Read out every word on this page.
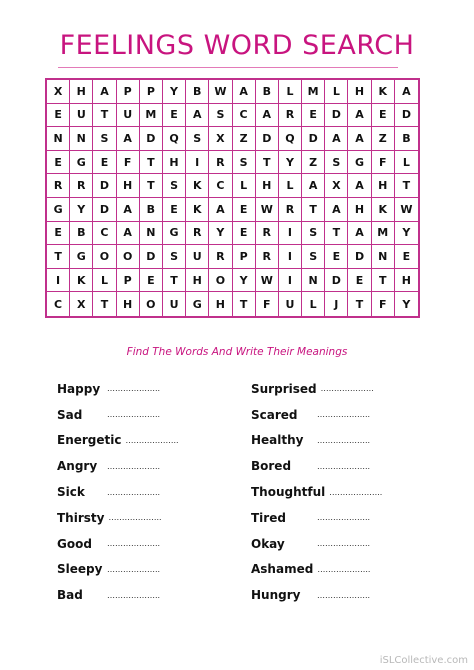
FEELINGS WORD SEARCH
X	H	A	P	P	Y	B	W	A	B	L	M	L	H	K	A
E	U	T	U	M	E	A	S	C	A	R	E	D	A	E	D
N	N	S	A	D	Q	S	X	Z	D	Q	D	A	A	Z	B
E	G	E	F	T	H	I	R	S	T	Y	Z	S	G	F	L
R	R	D	H	T	S	K	C	L	H	L	A	X	A	H	T
G	Y	D	A	B	E	K	A	E	W	R	T	A	H	K	W
E	B	C	A	N	G	R	Y	E	R	I	S	T	A	M	Y
T	G	O	O	D	S	U	R	P	R	I	S	E	D	N	E
I	K	L	P	E	T	H	O	Y	W	I	N	D	E	T	H
C	X	T	H	O	U	G	H	T	F	U	L	J	T	F	Y
Find The Words And Write Their Meanings
Happy ………………..
Sad	………………..
Energetic ………………..
Angry ………………..
Sick	………………..
Thirsty ………………..
Good ………………..
Sleepy ………………..
Bad	………………..
Surprised ………………..
Scared ………………..
Healthy ………………..
Bored	………………..
Thoughtful ………………..
Tired	………………..
Okay	………………..
Ashamed ………………..
Hungry ………………..
iSLCollective.com
